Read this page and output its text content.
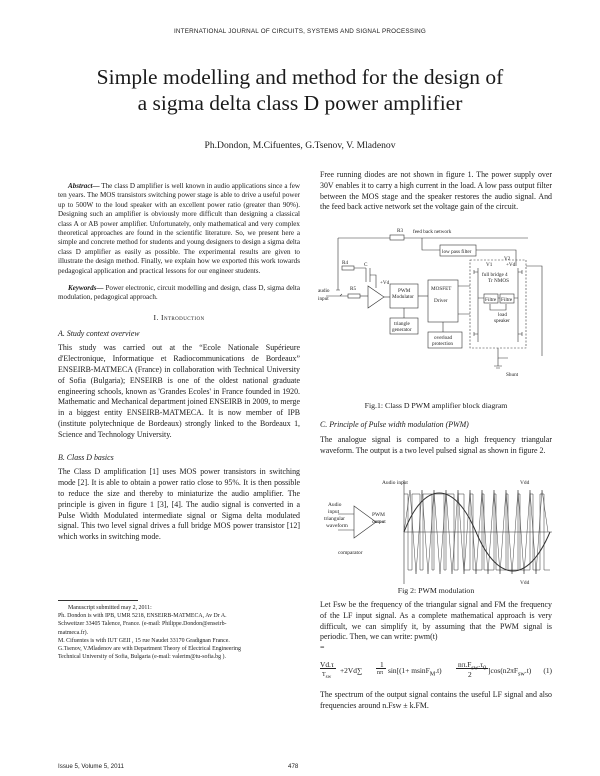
INTERNATIONAL JOURNAL OF CIRCUITS, SYSTEMS AND SIGNAL PROCESSING
Simple modelling and method for the design of
a sigma delta class D power amplifier
Ph.Dondon, M.Cifuentes, G.Tsenov, V. Mladenov

Abstract— The class D amplifier is well known in audio applications since a few ten years. The MOS transistors switching power stage is able to drive a useful power up to 500W to the loud speaker with an excellent power ratio (greater than 90%). Designing such an amplifier is obviously more difficult than designing a classical class A or AB power amplifier. Unfortunately, only mathematical and very complex theoretical approaches are found in the scientific literature. So, we present here a simple and concrete method for students and young designers to design a sigma delta class D amplifier as easily as possible. The experimental results are given to illustrate the design method. Finally, we explain how we exported this work towards pedagogical application and practical lessons for our engineer students.

Keywords— Power electronic, circuit modelling and design, class D, sigma delta modulation, pedagogical approach.

I. Introduction

A. Study context overview

This study was carried out at the “Ecole Nationale Supérieure d'Electronique, Informatique et Radiocommunications de Bordeaux” ENSEIRB-MATMECA (France) in collaboration with Technical University of Sofia (Bulgaria); ENSEIRB is one of the oldest national graduate engineering schools, known as 'Grandes Ecoles' in France founded in 1920. Mathematic and Mechanical department joined ENSEIRB in 2009, to merge in a biggest entity ENSEIRB-MATMECA. It is now member of IPB (institute polytechnique de Bordeaux) strongly linked to the Bordeaux 1, Science and Technology University.

B. Class D basics

The Class D amplification [1] uses MOS power transistors in switching mode [2]. It is able to obtain a power ratio close to 95%. It is then possible to reduce the size and thereby to miniaturize the audio amplifier. The principle is given in figure 1 [3], [4]. The audio signal is converted in a Pulse Width Modulated intermediate signal or Sigma delta modulated signal. This two level signal drives a full bridge MOS power transistor [12] which works in switching mode.

Manuscript submitted may 2, 2011:
Ph. Dondon is with IPB, UMR 5218, ENSEIRB-MATMECA, Av Dr A.
Schweitzer 33405 Talence, France. (e-mail: Philippe.Dondon@enseirb-
matmeca.fr).
M. Cifuentes is with IUT GEII , 15 rue Naudet 33170 Gradignan France.
G.Tsenov, V.Mladenov are with Department Theory of Electrical Engineering
Technical University of Sofia, Bulgaria (e-mail: valerim@tu-sofia.bg ).

Free running diodes are not shown in figure 1. The power supply over 30V enables it to carry a high current in the load. A low pass output filter between the MOS stage and the speaker restores the audio signal. And the feed back active network set the voltage gain of the circuit.

R3 feed back network
low pass filter
V2
V1	+Vd
full bridge 4
Tr NMOS
R4	C
+Vd
PWM
Modulator
MOSFET
Driver
audio
input
R5
triangle
generator
overload
protection
Filtre Filtre
load
speaker
Shunt
Fig.1: Class D PWM amplifier block diagram

C. Principle of Pulse width modulation (PWM)

The analogue signal is compared to a high frequency triangular waveform. The output is a two level pulsed signal as shown in figure 2.

Audio input	Vdd
Vdd
Audio
input
triangular
waveform
PWM
output
comparator
Fig 2: PWM modulation

Let Fsw be the frequency of the triangular signal and FM the frequency of the LF input signal. As a complete mathematical approach is very difficult, we can simplify it, by assuming that the PWM signal is periodic. Then, we can write: pwm(t)

=

Vd.τ
$T_{sw}$
+2Vd∑
1
nπ sin[(1+ msinF$_M$.t)
$n\pi.F_{sw}.\tau_0$
2 ]$\cos(n2\pi F_{sw}.t)$ (1)

The spectrum of the output signal contains the useful LF signal and also frequencies around n.Fsw ± k.FM.

Issue 5, Volume 5, 2011	478
